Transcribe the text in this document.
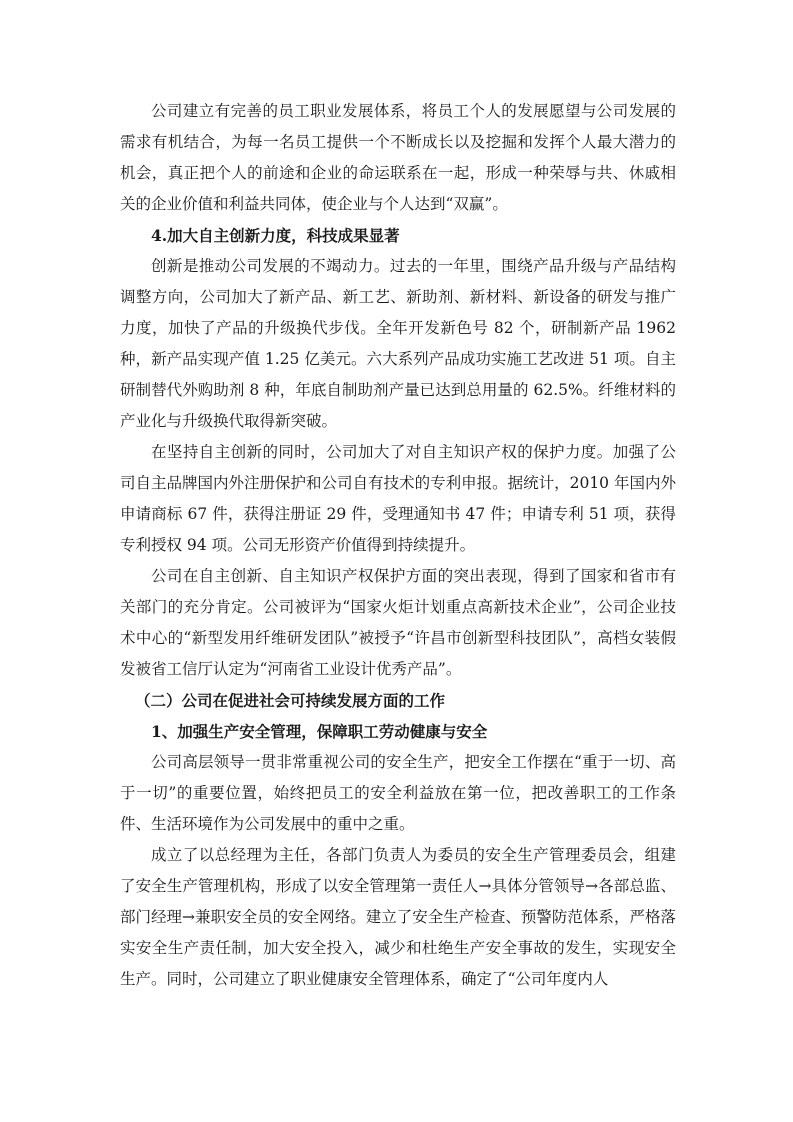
公司建立有完善的员工职业发展体系，将员工个人的发展愿望与公司发展的需求有机结合，为每一名员工提供一个不断成长以及挖掘和发挥个人最大潜力的机会，真正把个人的前途和企业的命运联系在一起，形成一种荣辱与共、休戚相关的企业价值和利益共同体，使企业与个人达到“双赢”。

4.加大自主创新力度，科技成果显著

创新是推动公司发展的不竭动力。过去的一年里，围绕产品升级与产品结构调整方向，公司加大了新产品、新工艺、新助剂、新材料、新设备的研发与推广力度，加快了产品的升级换代步伐。全年开发新色号 82 个，研制新产品 1962 种，新产品实现产值 1.25 亿美元。六大系列产品成功实施工艺改进 51 项。自主研制替代外购助剂 8 种，年底自制助剂产量已达到总用量的 62.5%。纤维材料的产业化与升级换代取得新突破。

在坚持自主创新的同时，公司加大了对自主知识产权的保护力度。加强了公司自主品牌国内外注册保护和公司自有技术的专利申报。据统计，2010 年国内外申请商标 67 件，获得注册证 29 件，受理通知书 47 件；申请专利 51 项，获得专利授权 94 项。公司无形资产价值得到持续提升。

公司在自主创新、自主知识产权保护方面的突出表现，得到了国家和省市有关部门的充分肯定。公司被评为“国家火炬计划重点高新技术企业”，公司企业技术中心的“新型发用纤维研发团队”被授予“许昌市创新型科技团队”，高档女装假发被省工信厅认定为“河南省工业设计优秀产品”。

（二）公司在促进社会可持续发展方面的工作

1、加强生产安全管理，保障职工劳动健康与安全

公司高层领导一贯非常重视公司的安全生产，把安全工作摆在“重于一切、高于一切”的重要位置，始终把员工的安全利益放在第一位，把改善职工的工作条件、生活环境作为公司发展中的重中之重。

成立了以总经理为主任，各部门负责人为委员的安全生产管理委员会，组建了安全生产管理机构，形成了以安全管理第一责任人→具体分管领导→各部总监、部门经理→兼职安全员的安全网络。建立了安全生产检查、预警防范体系，严格落实安全生产责任制，加大安全投入，减少和杜绝生产安全事故的发生，实现安全生产。同时，公司建立了职业健康安全管理体系，确定了“公司年度内人
